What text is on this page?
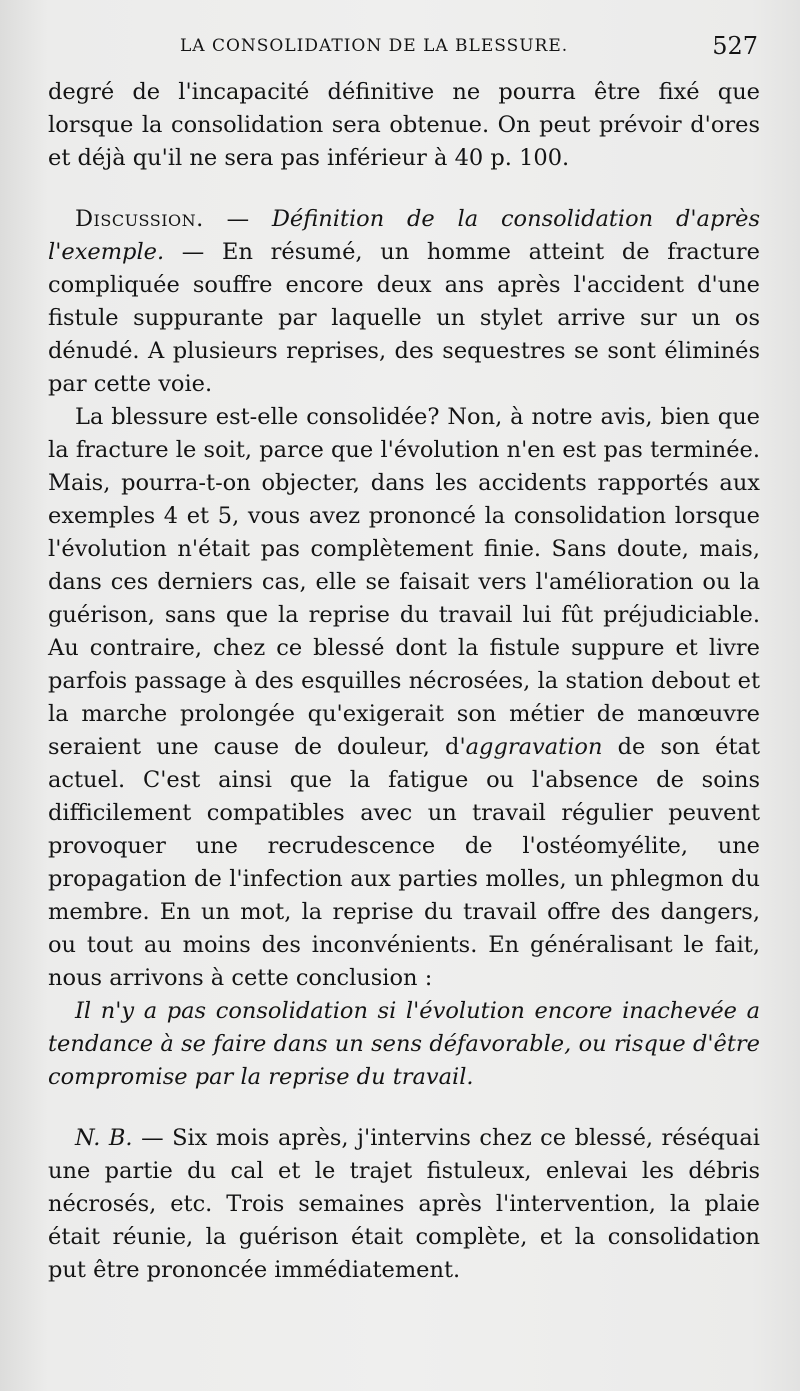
LA CONSOLIDATION DE LA BLESSURE.	527

degré de l'incapacité définitive ne pourra être fixé que lorsque la consolidation sera obtenue. On peut prévoir d'ores et déjà qu'il ne sera pas inférieur à 40 p. 100.

Discussion. — Définition de la consolidation d'après l'exemple. — En résumé, un homme atteint de fracture compliquée souffre encore deux ans après l'accident d'une fistule suppurante par laquelle un stylet arrive sur un os dénudé. A plusieurs reprises, des sequestres se sont éliminés par cette voie.

La blessure est-elle consolidée? Non, à notre avis, bien que la fracture le soit, parce que l'évolution n'en est pas terminée. Mais, pourra-t-on objecter, dans les accidents rapportés aux exemples 4 et 5, vous avez prononcé la consolidation lorsque l'évolution n'était pas complètement finie. Sans doute, mais, dans ces derniers cas, elle se faisait vers l'amélioration ou la guérison, sans que la reprise du travail lui fût préjudiciable. Au contraire, chez ce blessé dont la fistule suppure et livre parfois passage à des esquilles nécrosées, la station debout et la marche prolongée qu'exigerait son métier de manœuvre seraient une cause de douleur, d'aggravation de son état actuel. C'est ainsi que la fatigue ou l'absence de soins difficilement compatibles avec un travail régulier peuvent provoquer une recrudescence de l'ostéomyélite, une propagation de l'infection aux parties molles, un phlegmon du membre. En un mot, la reprise du travail offre des dangers, ou tout au moins des inconvénients. En généralisant le fait, nous arrivons à cette conclusion :

Il n'y a pas consolidation si l'évolution encore inachevée a tendance à se faire dans un sens défavorable, ou risque d'être compromise par la reprise du travail.

N. B. — Six mois après, j'intervins chez ce blessé, réséquai une partie du cal et le trajet fistuleux, enlevai les débris nécrosés, etc. Trois semaines après l'intervention, la plaie était réunie, la guérison était complète, et la consolidation put être prononcée immédiatement.
